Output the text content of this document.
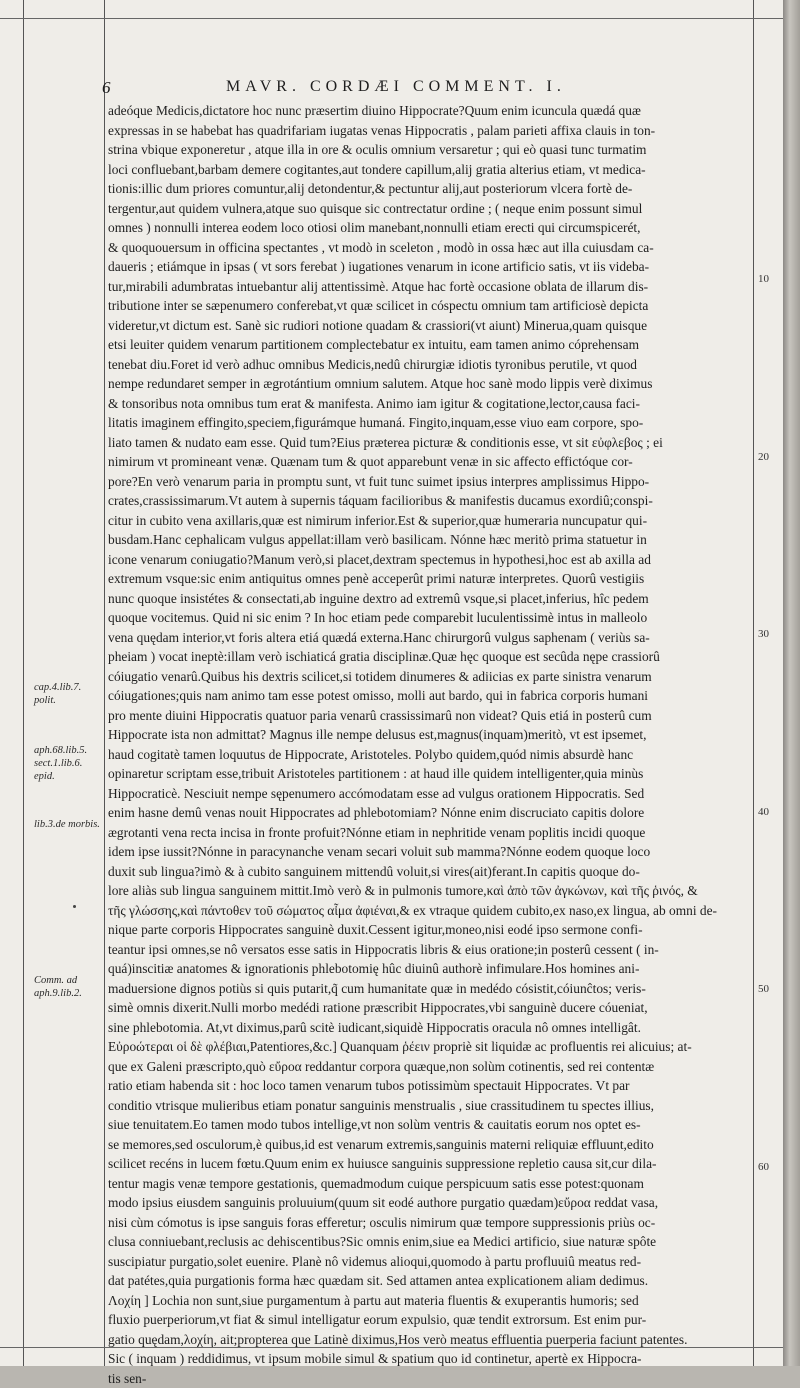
6	MAVR. CORDÆI COMMENT. I.
adeóque Medicis,dictatore hoc nunc præsertim diuino Hippocrate?Quum enim icuncula quædá quæ
expressas in se habebat has quadrifariam iugatas venas Hippocratis , palam parieti affixa clauis in ton-
strina vbique exponeretur , atque illa in ore & oculis omnium versaretur ; qui eò quasi tunc turmatim
loci confluebant,barbam demere cogitantes,aut tondere capillum,alij gratia alterius etiam, vt medica-
tionis:illic dum priores comuntur,alij detondentur,& pectuntur alij,aut posteriorum vlcera fortè de-
tergentur,aut quidem vulnera,atque suo quisque sic contrectatur ordine ; ( neque enim possunt simul
omnes ) nonnulli interea eodem loco otiosi olim manebant,nonnulli etiam erecti qui circumspicerét,
& quoquouersum in officina spectantes , vt modò in sceleton , modò in ossa hæc aut illa cuiusdam ca-
daueris ; etiámque in ipsas ( vt sors ferebat ) iugationes venarum in icone artificio satis, vt iis videba-
tur,mirabili adumbratas intuebantur alij attentissimè. Atque hac fortè occasione oblata de illarum dis-
tributione inter se sæpenumero conferebat,vt quæ scilicet in cóspectu omnium tam artificiosè depicta
videretur,vt dictum est. Sanè sic rudiori notione quadam & crassiori(vt aiunt) Minerua,quam quisque
etsi leuiter quidem venarum partitionem complectebatur ex intuitu, eam tamen animo cóprehensam
tenebat diu.Foret id verò adhuc omnibus Medicis,nedû chirurgiæ idiotis tyronibus perutile, vt quod
nempe redundaret semper in ægrotántium omnium salutem. Atque hoc sanè modo lippis verè diximus
& tonsoribus nota omnibus tum erat & manifesta. Animo iam igitur & cogitatione,lector,causa faci-
litatis imaginem effingito,speciem,figurámque humaná. Fingito,inquam,esse viuo eam corpore, spo-
liato tamen & nudato eam esse. Quid tum?Eius præterea picturæ & conditionis esse, vt sit εὐφλεβος ; ei
nimirum vt promineant venæ. Quænam tum & quot apparebunt venæ in sic affecto effictóque cor-
pore?En verò venarum paria in promptu sunt, vt fuit tunc suimet ipsius interpres amplissimus Hippo-
crates,crassissimarum.Vt autem à supernis táquam facilioribus & manifestis ducamus exordiû;conspi-
citur in cubito vena axillaris,quæ est nimirum inferior.Est & superior,quæ humeraria nuncupatur qui-
busdam.Hanc cephalicam vulgus appellat:illam verò basilicam. Nónne hæc meritò prima statuetur in
icone venarum coniugatio?Manum verò,si placet,dextram spectemus in hypothesi,hoc est ab axilla ad
extremum vsque:sic enim antiquitus omnes penè acceperût primi naturæ interpretes. Quorû vestigiis
nunc quoque insistétes & consectati,ab inguine dextro ad extremû vsque,si placet,inferius, hîc pedem
quoque vocitemus. Quid ni sic enim ? In hoc etiam pede comparebit luculentissimè intus in malleolo
vena quędam interior,vt foris altera etiá quædá externa.Hanc chirurgorû vulgus saphenam ( veriùs sa-
pheiam ) vocat ineptè:illam verò ischiaticá gratia disciplinæ.Quæ hęc quoque est secûda nępe crassiorû
cóiugatio venarû.Quibus his dextris scilicet,si totidem dinumeres & adiicias ex parte sinistra venarum
cóiugationes;quis nam animo tam esse potest omisso, molli aut bardo, qui in fabrica corporis humani
pro mente diuini Hippocratis quatuor paria venarû crassissimarû non videat? Quis etiá in posterû cum
Hippocrate ista non admittat? Magnus ille nempe delusus est,magnus(inquam)meritò, vt est ipsemet,
haud cogitatè tamen loquutus de Hippocrate, Aristoteles. Polybo quidem,quód nimis absurdè hanc
opinaretur scriptam esse,tribuit Aristoteles partitionem : at haud ille quidem intelligenter,quia minùs
Hippocraticè. Nesciuit nempe sępenumero accómodatam esse ad vulgus orationem Hippocratis. Sed
enim hasne demû venas nouit Hippocrates ad phlebotomiam? Nónne enim discruciato capitis dolore
ægrotanti vena recta incisa in fronte profuit?Nónne etiam in nephritide venam poplitis incidi quoque
idem ipse iussit?Nónne in paracynanche venam secari voluit sub mamma?Nónne eodem quoque loco
duxit sub lingua?imò & à cubito sanguinem mittendû voluit,si vires(ait)ferant.In capitis quoque do-
lore aliàs sub lingua sanguinem mittit.Imò verò & in pulmonis tumore,καὶ ἀπὸ τῶν ἀγκώνων, καὶ τῆς ῥινός, &
τῆς γλώσσης,καὶ πάντοθεν τοῦ σώματος αἷμα ἀφιέναι,& ex vtraque quidem cubito,ex naso,ex lingua, ab omni de-
nique parte corporis Hippocrates sanguinè duxit.Cessent igitur,moneo,nisi eodé ipso sermone confi-
teantur ipsi omnes,se nô versatos esse satis in Hippocratis libris & eius oratione;in posterû cessent ( in-
quá)inscitiæ anatomes & ignorationis phlebotomię hûc diuinû authorè infimulare.Hos homines ani-
maduersione dignos potiùs si quis putarit,q̃ cum humanitate quæ in medédo cósistit,cóiunĉtos; veris-
simè omnis dixerit.Nulli morbo medédi ratione præscribit Hippocrates,vbi sanguinè ducere cóueniat,
sine phlebotomia. At,vt diximus,parû scitè iudicant,siquidè Hippocratis oracula nô omnes intelligât.
Εὐροώτεραι οἱ δὲ φλέβιαι,Patentiores,&c.] Quanquam ῥέειν propriè sit liquidæ ac profluentis rei alicuius; at-
que ex Galeni præscripto,quò εὔροα reddantur corpora quæque,non solùm cotinentis, sed rei contentæ
ratio etiam habenda sit : hoc loco tamen venarum tubos potissimùm spectauit Hippocrates. Vt par
conditio vtrisque mulieribus etiam ponatur sanguinis menstrualis , siue crassitudinem tu spectes illius,
siue tenuitatem.Eo tamen modo tubos intellige,vt non solùm ventris & cauitatis eorum nos optet es-
se memores,sed osculorum,è quibus,id est venarum extremis,sanguinis materni reliquiæ effluunt,edito
scilicet recéns in lucem fœtu.Quum enim ex huiusce sanguinis suppressione repletio causa sit,cur dila-
tentur magis venæ tempore gestationis, quemadmodum cuique perspicuum satis esse potest:quonam
modo ipsius eiusdem sanguinis proluuium(quum sit eodé authore purgatio quædam)εὔροα reddat vasa,
nisi cùm cómotus is ipse sanguis foras efferetur; osculis nimirum quæ tempore suppressionis priùs oc-
clusa conniuebant,reclusis ac dehiscentibus?Sic omnis enim,siue ea Medici artificio, siue naturæ spôte
suscipiatur purgatio,solet euenire. Planè nô videmus alioqui,quomodo à partu profluuiû meatus red-
dat patétes,quia purgationis forma hæc quædam sit. Sed attamen antea explicationem aliam dedimus.
Λοχίη ] Lochia non sunt,siue purgamentum à partu aut materia fluentis & exuperantis humoris; sed
fluxio puerperiorum,vt fiat & simul intelligatur eorum expulsio, quæ tendit extrorsum. Est enim pur-
gatio quędam,λοχίη, ait;propterea que Latinè diximus,Hos verò meatus effluentia puerperia faciunt patentes.
Sic ( inquam ) reddidimus, vt ipsum mobile simul & spatium quo id continetur, apertè ex Hippocra-
tis sen-
cap.4.lib.7. polit.
aph.68.lib.5. sect.1.lib.6. epid.
lib.3.de morbis.
Comm. ad aph.9.lib.2.
10
20
30
40
50
60
